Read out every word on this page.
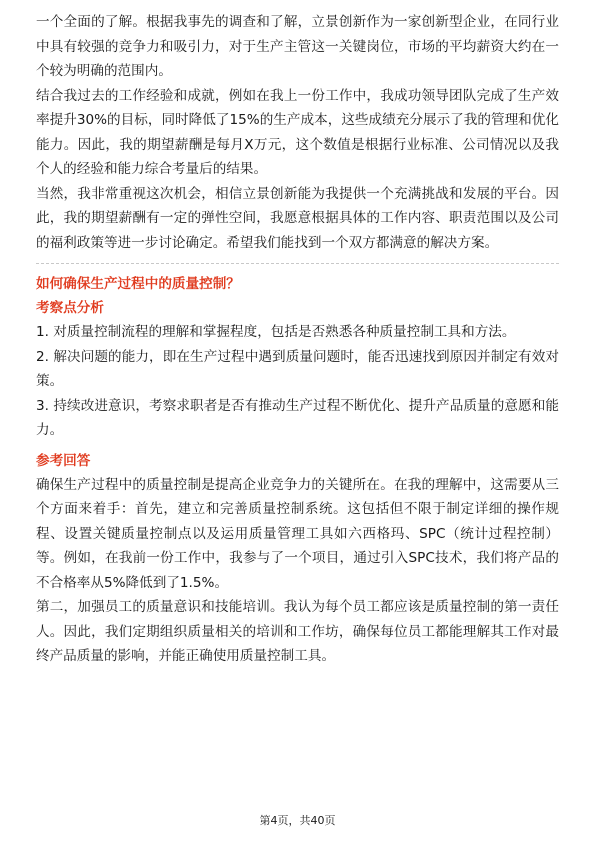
一个全面的了解。根据我事先的调查和了解，立景创新作为一家创新型企业，在同行业中具有较强的竞争力和吸引力，对于生产主管这一关键岗位，市场的平均薪资大约在一个较为明确的范围内。

结合我过去的工作经验和成就，例如在我上一份工作中，我成功领导团队完成了生产效率提升30%的目标，同时降低了15%的生产成本，这些成绩充分展示了我的管理和优化能力。因此，我的期望薪酬是每月X万元，这个数值是根据行业标准、公司情况以及我个人的经验和能力综合考量后的结果。

当然，我非常重视这次机会，相信立景创新能为我提供一个充满挑战和发展的平台。因此，我的期望薪酬有一定的弹性空间，我愿意根据具体的工作内容、职责范围以及公司的福利政策等进一步讨论确定。希望我们能找到一个双方都满意的解决方案。

如何确保生产过程中的质量控制？

考察点分析

1. 对质量控制流程的理解和掌握程度，包括是否熟悉各种质量控制工具和方法。

2. 解决问题的能力，即在生产过程中遇到质量问题时，能否迅速找到原因并制定有效对策。

3. 持续改进意识，考察求职者是否有推动生产过程不断优化、提升产品质量的意愿和能力。

参考回答

确保生产过程中的质量控制是提高企业竞争力的关键所在。在我的理解中，这需要从三个方面来着手：首先，建立和完善质量控制系统。这包括但不限于制定详细的操作规程、设置关键质量控制点以及运用质量管理工具如六西格玛、SPC（统计过程控制）等。例如，在我前一份工作中，我参与了一个项目，通过引入SPC技术，我们将产品的不合格率从5%降低到了1.5%。

第二，加强员工的质量意识和技能培训。我认为每个员工都应该是质量控制的第一责任人。因此，我们定期组织质量相关的培训和工作坊，确保每位员工都能理解其工作对最终产品质量的影响，并能正确使用质量控制工具。

第4页，共40页
